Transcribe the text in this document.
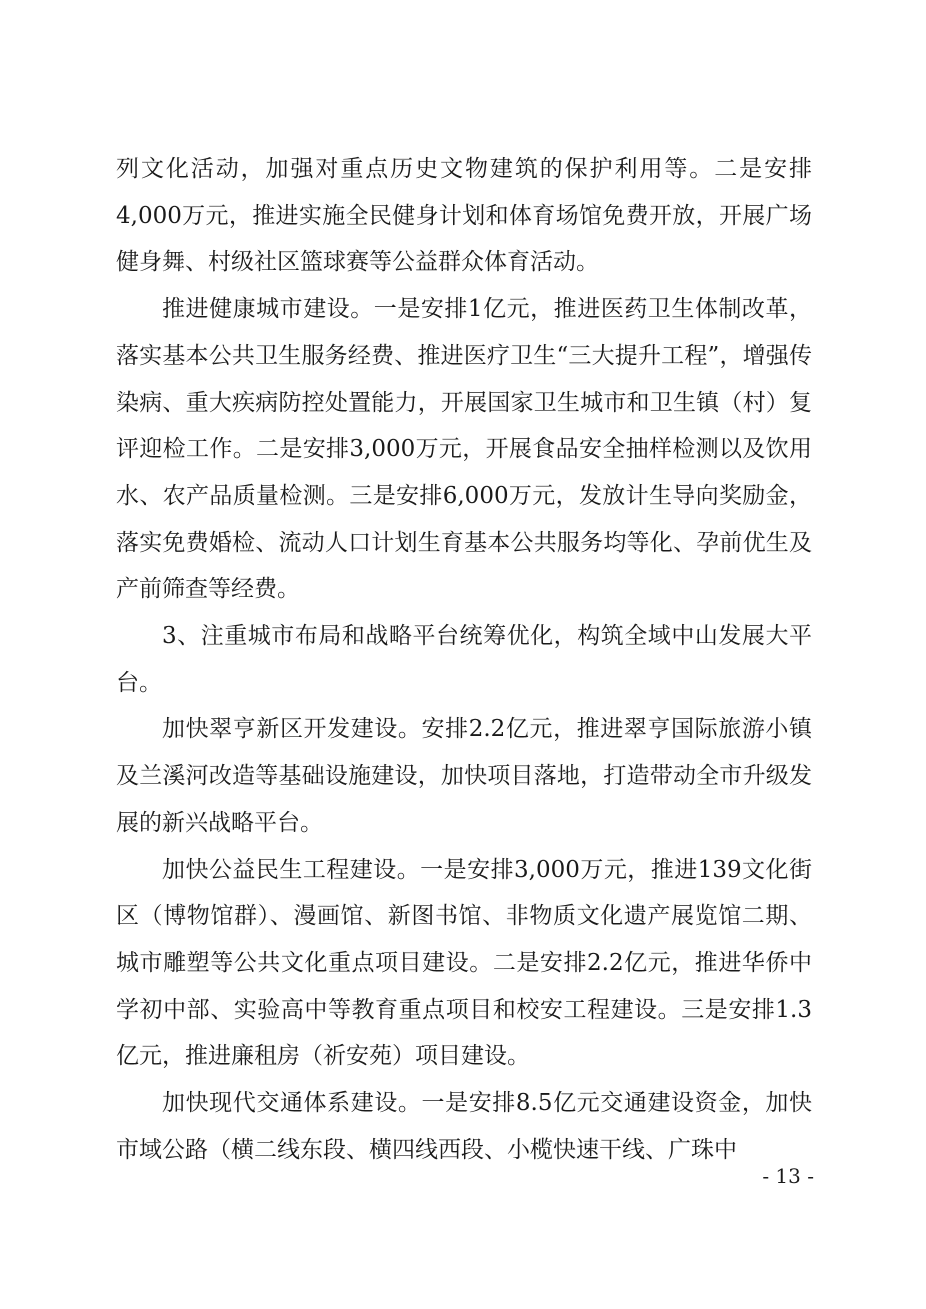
列文化活动，加强对重点历史文物建筑的保护利用等。二是安排4,000万元，推进实施全民健身计划和体育场馆免费开放，开展广场健身舞、村级社区篮球赛等公益群众体育活动。

推进健康城市建设。一是安排1亿元，推进医药卫生体制改革，落实基本公共卫生服务经费、推进医疗卫生“三大提升工程”，增强传染病、重大疾病防控处置能力，开展国家卫生城市和卫生镇（村）复评迎检工作。二是安排3,000万元，开展食品安全抽样检测以及饮用水、农产品质量检测。三是安排6,000万元，发放计生导向奖励金，落实免费婚检、流动人口计划生育基本公共服务均等化、孕前优生及产前筛查等经费。

3、注重城市布局和战略平台统筹优化，构筑全域中山发展大平台。

加快翠亨新区开发建设。安排2.2亿元，推进翠亨国际旅游小镇及兰溪河改造等基础设施建设，加快项目落地，打造带动全市升级发展的新兴战略平台。

加快公益民生工程建设。一是安排3,000万元，推进139文化街区（博物馆群）、漫画馆、新图书馆、非物质文化遗产展览馆二期、城市雕塑等公共文化重点项目建设。二是安排2.2亿元，推进华侨中学初中部、实验高中等教育重点项目和校安工程建设。三是安排1.3亿元，推进廉租房（祈安苑）项目建设。

加快现代交通体系建设。一是安排8.5亿元交通建设资金，加快市域公路（横二线东段、横四线西段、小榄快速干线、广珠中

- 13 -
